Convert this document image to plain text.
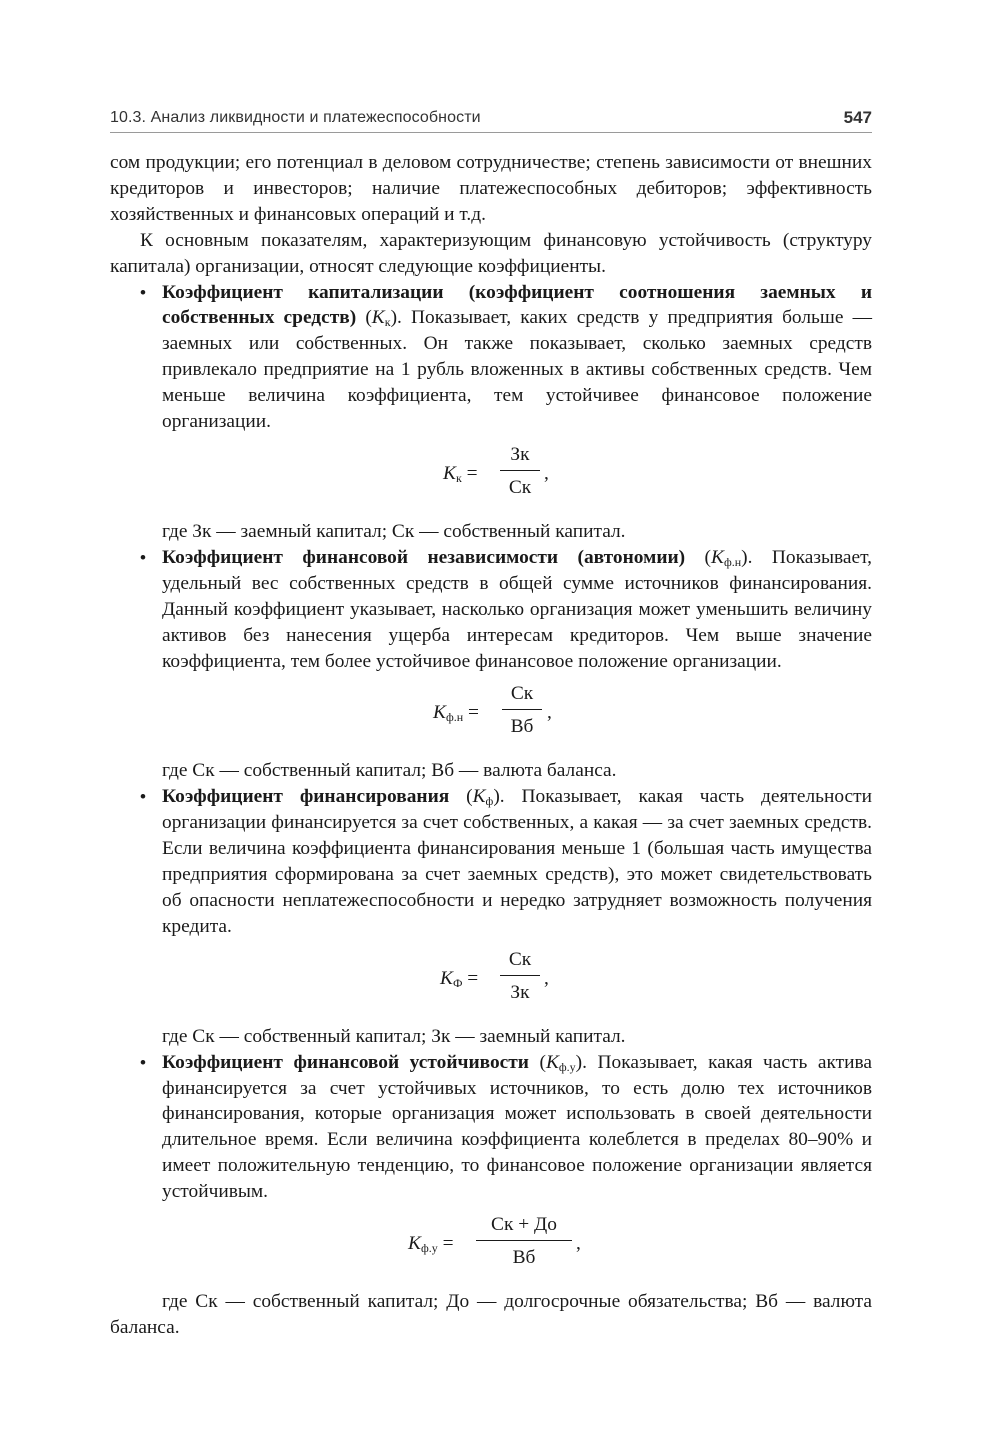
10.3. Анализ ликвидности и платежеспособности	547

сом продукции; его потенциал в деловом сотрудничестве; степень зависимости от внешних кредиторов и инвесторов; наличие платежеспособных дебиторов; эффективность хозяйственных и финансовых операций и т.д.

К основным показателям, характеризующим финансовую устойчивость (структуру капитала) организации, относят следующие коэффициенты.

• Коэффициент капитализации (коэффициент соотношения заемных и собственных средств) $(K_к)$. Показывает, каких средств у предприятия больше — заемных или собственных. Он также показывает, сколько заемных средств привлекало предприятие на 1 рубль вложенных в активы собственных средств. Чем меньше величина коэффициента, тем устойчивее финансовое положение организации.

$K_к$ =
Зк
Ск
,

где Зк — заемный капитал; Ск — собственный капитал.

• Коэффициент финансовой независимости (автономии) $(K_{ф.н})$. Показывает, удельный вес собственных средств в общей сумме источников финансирования. Данный коэффициент указывает, насколько организация может уменьшить величину активов без нанесения ущерба интересам кредиторов. Чем выше значение коэффициента, тем более устойчивое финансовое положение организации.

$K_{ф.н}$ =
Ск
Вб
,

где Ск — собственный капитал; Вб — валюта баланса.

• Коэффициент финансирования $(K_ф)$. Показывает, какая часть деятельности организации финансируется за счет собственных, а какая — за счет заемных средств. Если величина коэффициента финансирования меньше 1 (большая часть имущества предприятия сформирована за счет заемных средств), это может свидетельствовать об опасности неплатежеспособности и нередко затрудняет возможность получения кредита.

$K_Ф$ =
Ск
Зк
,

где Ск — собственный капитал; Зк — заемный капитал.

• Коэффициент финансовой устойчивости $(K_{ф.у})$. Показывает, какая часть актива финансируется за счет устойчивых источников, то есть долю тех источников финансирования, которые организация может использовать в своей деятельности длительное время. Если величина коэффициента колеблется в пределах 80–90% и имеет положительную тенденцию, то финансовое положение организации является устойчивым.

$K_{ф.у}$ =
Ск + До
Вб
,

где Ск — собственный капитал; До — долгосрочные обязательства; Вб — валюта баланса.
